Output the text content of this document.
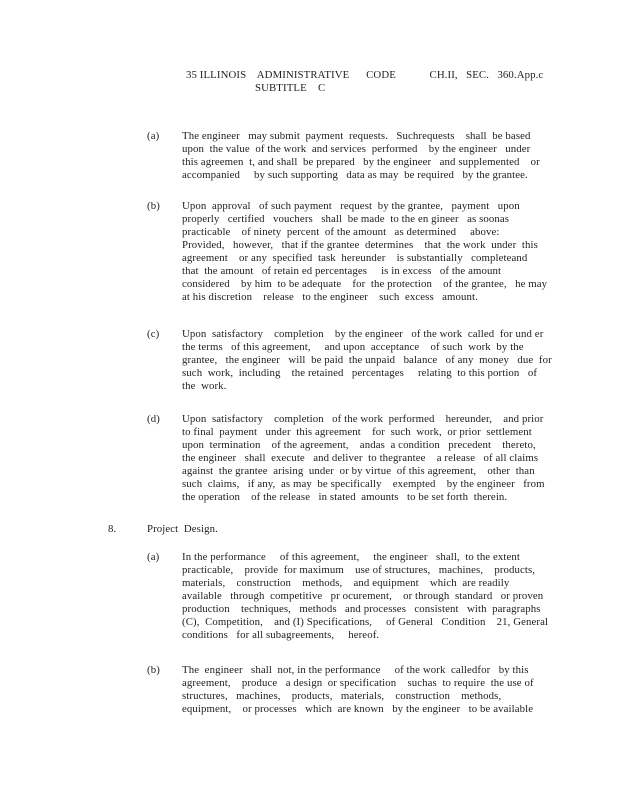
35 ILLINOIS    ADMINISTRATIVE      CODE            CH.II,   SEC.   360.App.c
SUBTITLE    C
(a)	The engineer   may submit  payment  requests.   Suchrequests    shall  be based
upon  the value  of the work  and services  performed    by the engineer   under
this agreemen  t, and shall  be prepared   by the engineer   and supplemented    or
accompanied     by such supporting   data as may  be required   by the grantee.
(b)	Upon  approval   of such payment   request  by the grantee,   payment   upon
properly   certified   vouchers   shall  be made  to the en gineer   as soonas
practicable    of ninety  percent  of the amount   as determined     above:
Provided,   however,   that if the grantee  determines    that  the work  under  this
agreement    or any  specified  task  hereunder    is substantially   completeand
that  the amount   of retain ed percentages     is in excess   of the amount
considered    by him  to be adequate    for  the protection    of the grantee,   he may
at his discretion    release   to the engineer    such  excess   amount.
(c)	Upon  satisfactory    completion    by the engineer   of the work  called  for und er
the terms   of this agreement,     and upon  acceptance    of such  work  by the
grantee,   the engineer   will  be paid  the unpaid   balance   of any  money   due  for
such  work,  including    the retained   percentages     relating  to this portion   of
the  work.
(d)	Upon  satisfactory    completion   of the work  performed    hereunder,    and prior
to final  payment   under  this agreement    for  such  work,  or prior  settlement
upon  termination    of the agreement,    andas  a condition   precedent    thereto,
the engineer   shall  execute   and deliver  to thegrantee    a release   of all claims
against  the grantee  arising  under  or by virtue  of this agreement,    other  than
such  claims,   if any,  as may  be specifically    exempted    by the engineer   from
the operation    of the release   in stated  amounts   to be set forth  therein.
8.	Project  Design.
(a)	In the performance     of this agreement,     the engineer   shall,  to the extent
practicable,    provide  for maximum    use of structures,   machines,    products,
materials,    construction    methods,    and equipment    which  are readily
available   through  competitive   pr ocurement,    or through  standard   or proven
production    techniques,   methods   and processes   consistent   with  paragraphs
(C),  Competition,    and (I) Specifications,     of General   Condition    21, General
conditions   for all subagreements,     hereof.
(b)	The  engineer   shall  not, in the performance     of the work  calledfor   by this
agreement,    produce   a design  or specification    suchas  to require  the use of
structures,   machines,    products,   materials,    construction    methods,
equipment,    or processes   which  are known   by the engineer   to be available
